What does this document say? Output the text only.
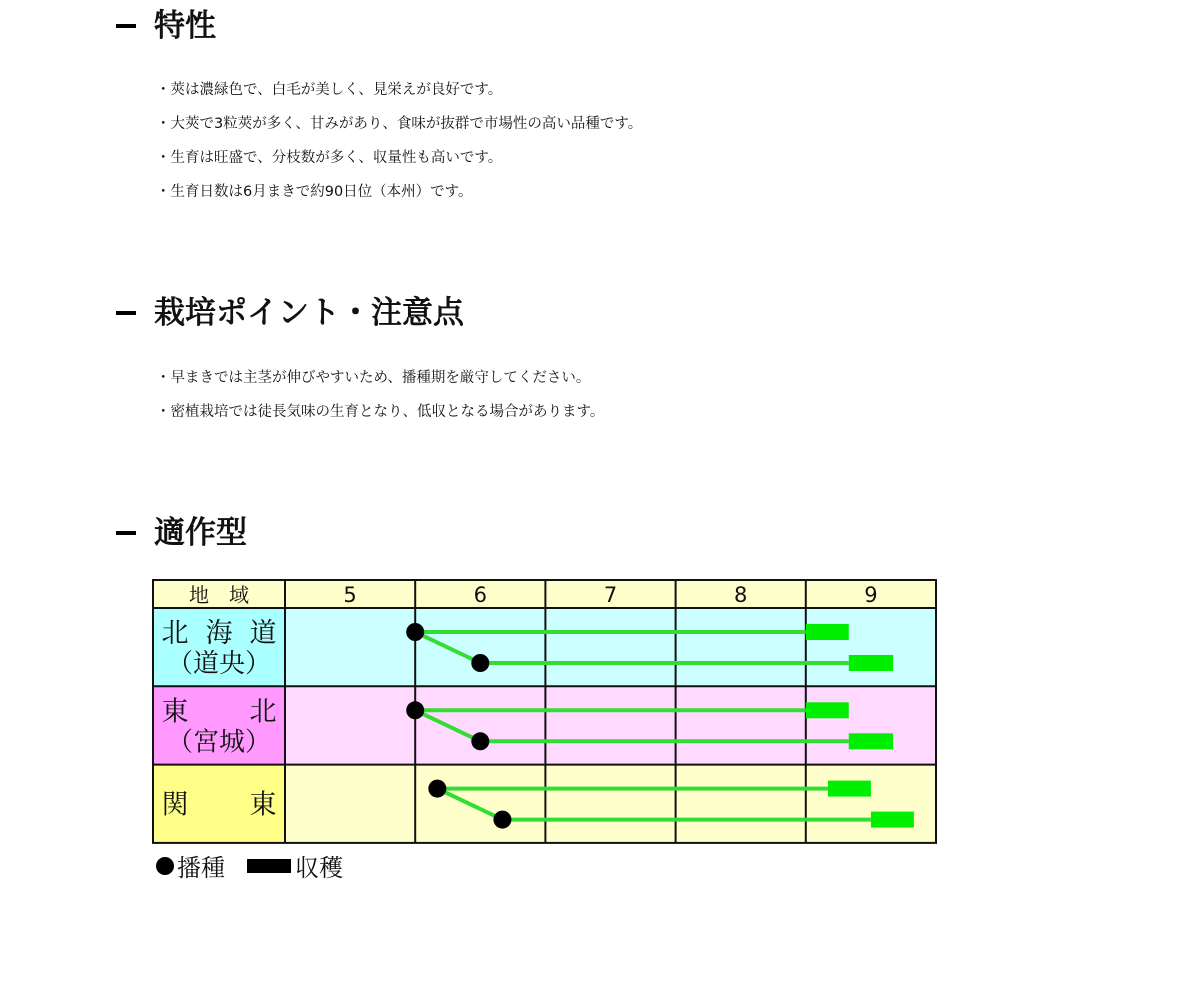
特性
・ 莢は濃緑色で、白毛が美しく、見栄えが良好です。
・ 大莢で3粒莢が多く、甘みがあり、食味が抜群で市場性の高い品種です。
・ 生育は旺盛で、分枝数が多く、収量性も高いです。
・ 生育日数は6月まきで約90日位（本州）です。
栽培ポイント・注意点
・ 早まきでは主茎が伸びやすいため、播種期を厳守してください。
・ 密植栽培では徒長気味の生育となり、低収となる場合があります。
適作型
地　域	5	6	7	8	9
北 海 道
（道央）
東 北
（宮城）
関 東
播種	収穫
